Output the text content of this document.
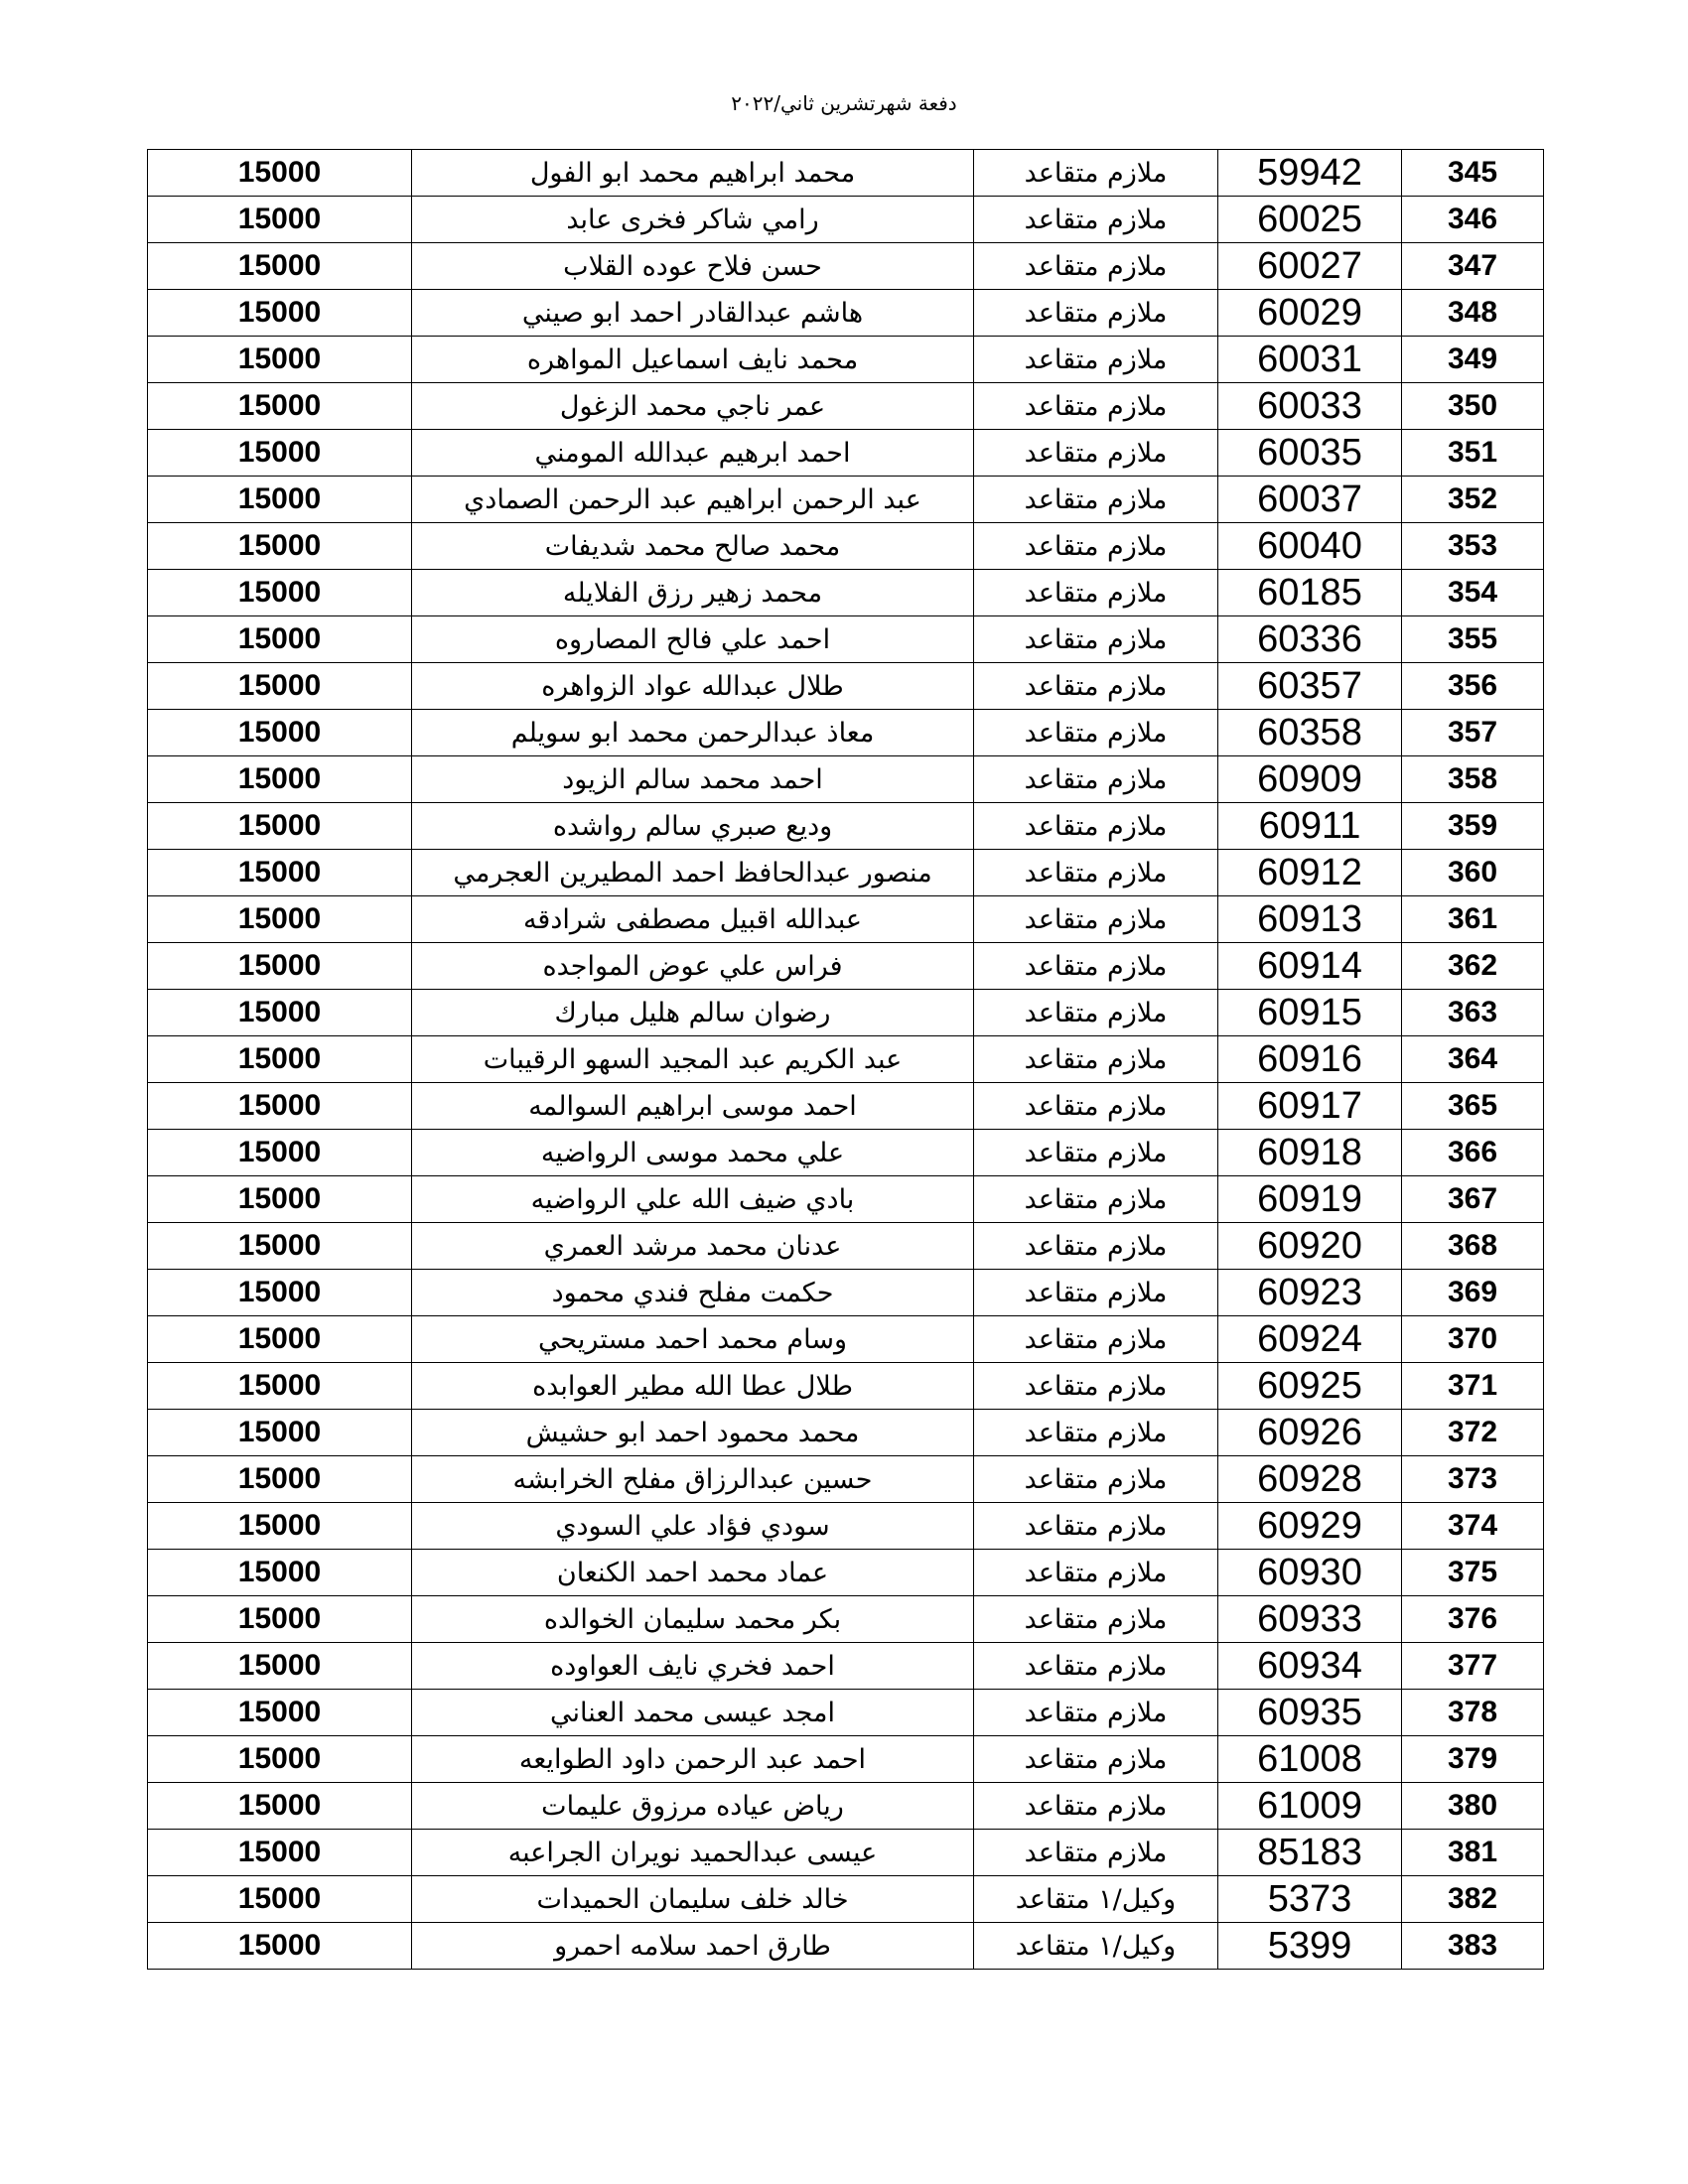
دفعة شهرتشرين ثاني/٢٠٢٢
15000	محمد ابراهيم محمد ابو الفول	ملازم متقاعد	59942	345
15000	رامي شاكر فخرى عابد	ملازم متقاعد	60025	346
15000	حسن فلاح عوده القلاب	ملازم متقاعد	60027	347
15000	هاشم عبدالقادر احمد ابو صيني	ملازم متقاعد	60029	348
15000	محمد نايف اسماعيل المواهره	ملازم متقاعد	60031	349
15000	عمر ناجي محمد الزغول	ملازم متقاعد	60033	350
15000	احمد ابرهيم عبدالله المومني	ملازم متقاعد	60035	351
15000	عبد الرحمن ابراهيم عبد الرحمن الصمادي	ملازم متقاعد	60037	352
15000	محمد صالح محمد شديفات	ملازم متقاعد	60040	353
15000	محمد زهير رزق الفلايله	ملازم متقاعد	60185	354
15000	احمد علي فالح المصاروه	ملازم متقاعد	60336	355
15000	طلال عبدالله عواد الزواهره	ملازم متقاعد	60357	356
15000	معاذ عبدالرحمن محمد ابو سويلم	ملازم متقاعد	60358	357
15000	احمد محمد سالم الزيود	ملازم متقاعد	60909	358
15000	وديع صبري سالم رواشده	ملازم متقاعد	60911	359
15000	منصور عبدالحافظ احمد المطيرين العجرمي	ملازم متقاعد	60912	360
15000	عبدالله اقبيل مصطفى شرادقه	ملازم متقاعد	60913	361
15000	فراس علي عوض المواجده	ملازم متقاعد	60914	362
15000	رضوان سالم هليل مبارك	ملازم متقاعد	60915	363
15000	عبد الكريم عبد المجيد السهو الرقيبات	ملازم متقاعد	60916	364
15000	احمد موسى ابراهيم السوالمه	ملازم متقاعد	60917	365
15000	علي محمد موسى الرواضيه	ملازم متقاعد	60918	366
15000	بادي ضيف الله علي الرواضيه	ملازم متقاعد	60919	367
15000	عدنان محمد مرشد العمري	ملازم متقاعد	60920	368
15000	حكمت مفلح فندي محمود	ملازم متقاعد	60923	369
15000	وسام محمد احمد مستريحي	ملازم متقاعد	60924	370
15000	طلال عطا الله مطير العوابده	ملازم متقاعد	60925	371
15000	محمد محمود احمد ابو حشيش	ملازم متقاعد	60926	372
15000	حسين عبدالرزاق مفلح الخرابشه	ملازم متقاعد	60928	373
15000	سودي فؤاد علي السودي	ملازم متقاعد	60929	374
15000	عماد محمد احمد الكنعان	ملازم متقاعد	60930	375
15000	بكر محمد سليمان الخوالده	ملازم متقاعد	60933	376
15000	احمد فخري نايف العواوده	ملازم متقاعد	60934	377
15000	امجد عيسى محمد العناني	ملازم متقاعد	60935	378
15000	احمد عبد الرحمن داود الطوايعه	ملازم متقاعد	61008	379
15000	رياض عياده مرزوق عليمات	ملازم متقاعد	61009	380
15000	عيسى عبدالحميد نويران الجراعبه	ملازم متقاعد	85183	381
15000	خالد خلف سليمان الحميدات	وكيل/١ متقاعد	5373	382
15000	طارق احمد سلامه احمرو	وكيل/١ متقاعد	5399	383
